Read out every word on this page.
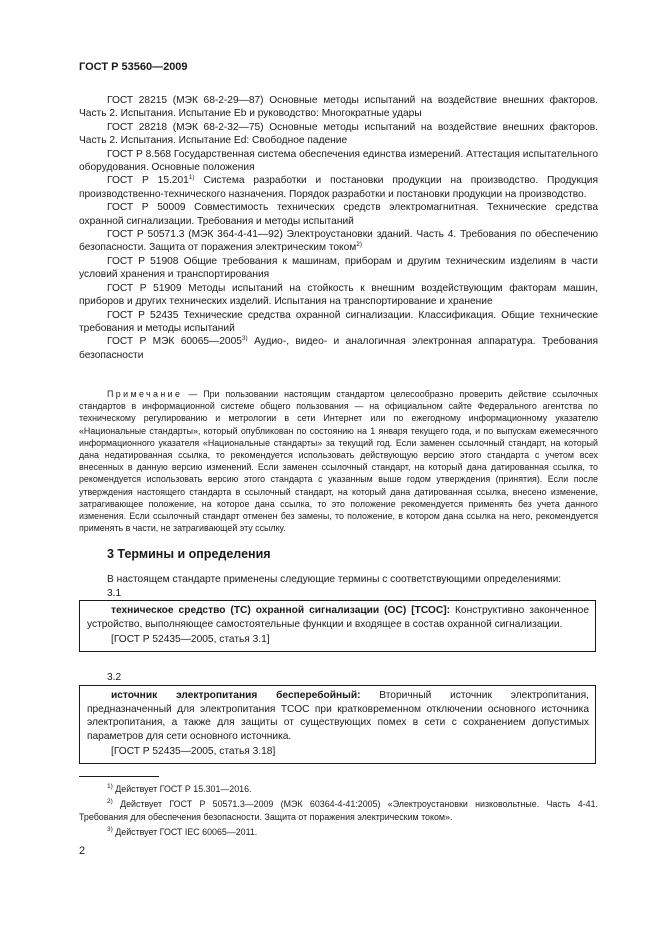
ГОСТ Р 53560—2009

ГОСТ 28215 (МЭК 68-2-29—87) Основные методы испытаний на воздействие внешних факторов. Часть 2. Испытания. Испытание Eb и руководство: Многократные удары

ГОСТ 28218 (МЭК 68-2-32—75) Основные методы испытаний на воздействие внешних факторов. Часть 2. Испытания. Испытание Ed: Свободное падение

ГОСТ Р 8.568 Государственная система обеспечения единства измерений. Аттестация испытательного оборудования. Основные положения

ГОСТ Р 15.201$^{1)}$ Система разработки и постановки продукции на производство. Продукция производственно-технического назначения. Порядок разработки и постановки продукции на производство.

ГОСТ Р 50009 Совместимость технических средств электромагнитная. Технические средства охранной сигнализации. Требования и методы испытаний

ГОСТ Р 50571.3 (МЭК 364-4-41—92) Электроустановки зданий. Часть 4. Требования по обеспечению безопасности. Защита от поражения электрическим током$^{2)}$

ГОСТ Р 51908 Общие требования к машинам, приборам и другим техническим изделиям в части условий хранения и транспортирования

ГОСТ Р 51909 Методы испытаний на стойкость к внешним воздействующим факторам машин, приборов и других технических изделий. Испытания на транспортирование и хранение

ГОСТ Р 52435 Технические средства охранной сигнализации. Классификация. Общие технические требования и методы испытаний

ГОСТ Р МЭК 60065—2005$^{3)}$ Аудио-, видео- и аналогичная электронная аппаратура. Требования безопасности

Примечание — При пользовании настоящим стандартом целесообразно проверить действие ссылочных стандартов в информационной системе общего пользования — на официальном сайте Федерального агентства по техническому регулированию и метрологии в сети Интернет или по ежегодному информационному указателю «Национальные стандарты», который опубликован по состоянию на 1 января текущего года, и по выпускам ежемесячного информационного указателя «Национальные стандарты» за текущий год. Если заменен ссылочный стандарт, на который дана недатированная ссылка, то рекомендуется использовать действующую версию этого стандарта с учетом всех внесенных в данную версию изменений. Если заменен ссылочный стандарт, на который дана датированная ссылка, то рекомендуется использовать версию этого стандарта с указанным выше годом утверждения (принятия). Если после утверждения настоящего стандарта в ссылочный стандарт, на который дана датированная ссылка, внесено изменение, затрагивающее положение, на которое дана ссылка, то это положение рекомендуется применять без учета данного изменения. Если ссылочный стандарт отменен без замены, то положение, в котором дана ссылка на него, рекомендуется применять в части, не затрагивающей эту ссылку.

3 Термины и определения

В настоящем стандарте применены следующие термины с соответствующими определениями:

3.1

техническое средство (ТС) охранной сигнализации (ОС) [ТСОС]: Конструктивно законченное устройство, выполняющее самостоятельные функции и входящее в состав охранной сигнализации.

[ГОСТ Р 52435—2005, статья 3.1]

3.2

источник электропитания бесперебойный: Вторичный источник электропитания, предназначенный для электропитания ТСОС при кратковременном отключении основного источника электропитания, а также для защиты от существующих помех в сети с сохранением допустимых параметров для сети основного источника.

[ГОСТ Р 52435—2005, статья 3.18]

$^{1)}$ Действует ГОСТ Р 15.301—2016.

$^{2)}$ Действует ГОСТ Р 50571.3—2009 (МЭК 60364-4-41:2005) «Электроустановки низковольтные. Часть 4-41. Требования для обеспечения безопасности. Защита от поражения электрическим током».

$^{3)}$ Действует ГОСТ IEC 60065—2011.

2
